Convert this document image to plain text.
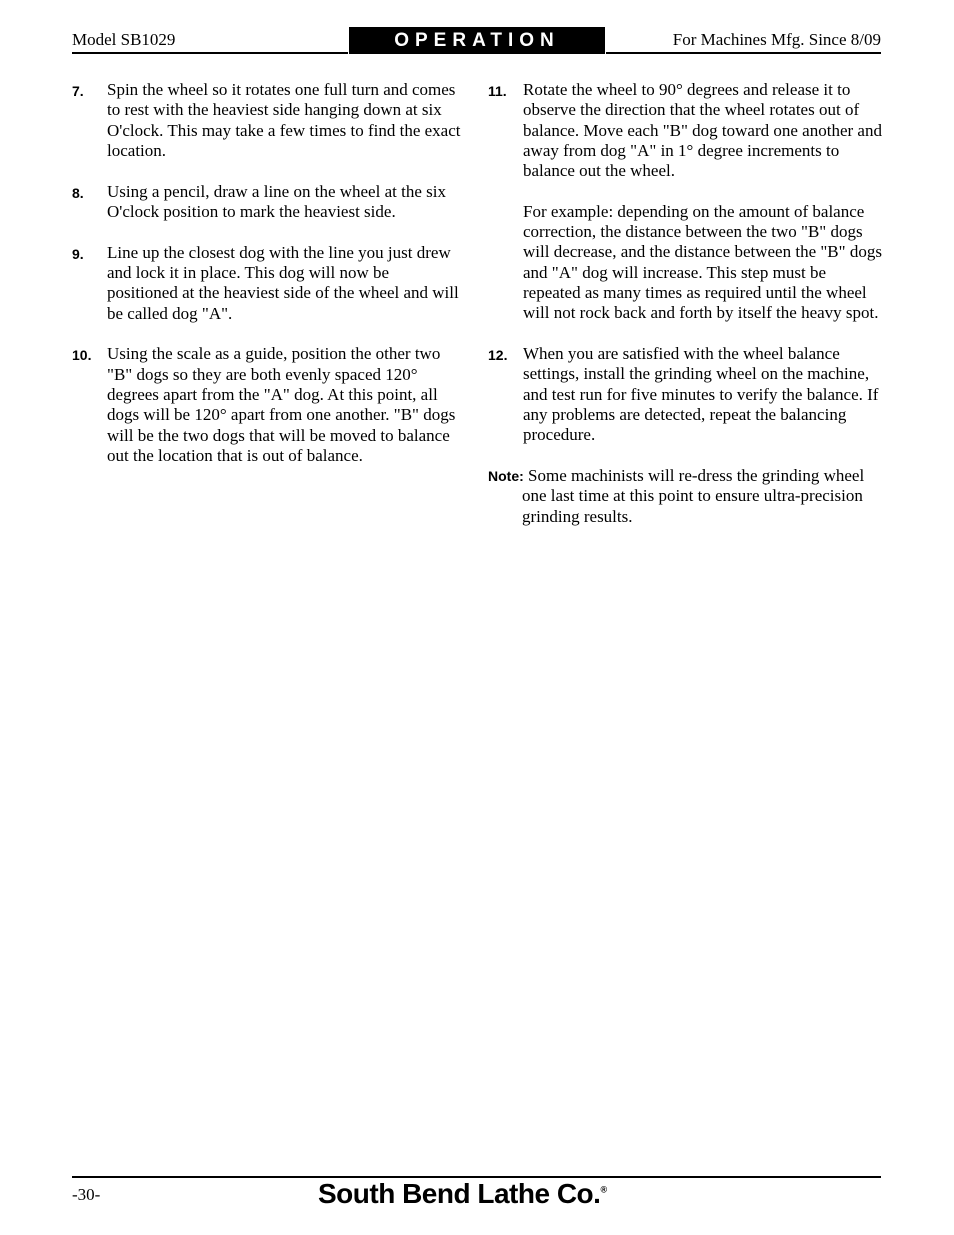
Model SB1029	OPERATION	For Machines Mfg. Since 8/09
7. Spin the wheel so it rotates one full turn and comes to rest with the heaviest side hanging down at six O'clock. This may take a few times to find the exact location.
8. Using a pencil, draw a line on the wheel at the six O'clock position to mark the heaviest side.
9. Line up the closest dog with the line you just drew and lock it in place. This dog will now be positioned at the heaviest side of the wheel and will be called dog "A".
10. Using the scale as a guide, position the other two "B" dogs so they are both evenly spaced 120° degrees apart from the "A" dog. At this point, all dogs will be 120° apart from one another. "B" dogs will be the two dogs that will be moved to balance out the location that is out of balance.
11. Rotate the wheel to 90° degrees and release it to observe the direction that the wheel rotates out of balance. Move each "B" dog toward one another and away from dog "A" in 1° degree increments to balance out the wheel.
For example: depending on the amount of balance correction, the distance between the two "B" dogs will decrease, and the distance between the "B" dogs and "A" dog will increase. This step must be repeated as many times as required until the wheel will not rock back and forth by itself the heavy spot.
12. When you are satisfied with the wheel balance settings, install the grinding wheel on the machine, and test run for five minutes to verify the balance. If any problems are detected, repeat the balancing procedure.
Note: Some machinists will re-dress the grinding wheel one last time at this point to ensure ultra-precision grinding results.
-30-	South Bend Lathe Co.®
